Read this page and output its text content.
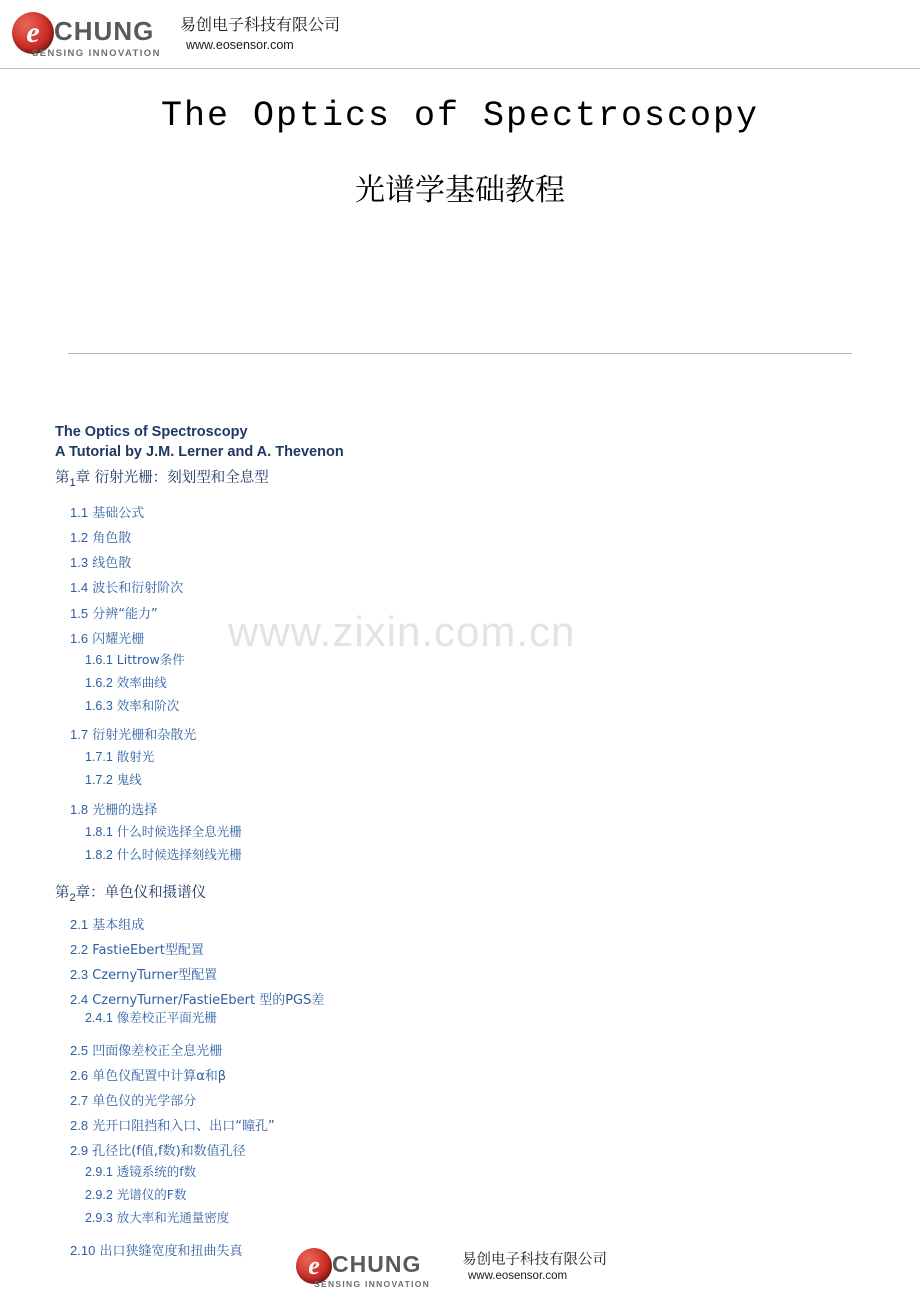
e CHUNG
SENSING INNOVATION
易创电子科技有限公司
www.eosensor.com
The Optics of Spectroscopy
光谱学基础教程
www.zixin.com.cn
The Optics of Spectroscopy
A Tutorial by J.M. Lerner and A. Thevenon
第$_1$章 衍射光栅：刻划型和全息型
1.1 基础公式
1.2 角色散
1.3 线色散
1.4 波长和衍射阶次
1.5 分辨“能力”
1.6 闪耀光栅
1.6.1 Littrow条件
1.6.2 效率曲线
1.6.3 效率和阶次
1.7 衍射光栅和杂散光
1.7.1 散射光
1.7.2 鬼线
1.8 光栅的选择
1.8.1 什么时候选择全息光栅
1.8.2 什么时候选择刻线光栅
第$_2$章：单色仪和摄谱仪
2.1 基本组成
2.2 FastieEbert型配置
2.3 CzernyTurner型配置
2.4 CzernyTurner/FastieEbert 型的PGS差
2.4.1 像差校正平面光栅
2.5 凹面像差校正全息光栅
2.6 单色仪配置中计算α和β
2.7 单色仪的光学部分
2.8 光开口阻挡和入口、出口“瞳孔”
2.9 孔径比(f值,f数)和数值孔径
2.9.1 透镜系统的f数
2.9.2 光谱仪的F数
2.9.3 放大率和光通量密度
2.10 出口狭缝宽度和扭曲失真	e CHUNG
SENSING INNOVATION
易创电子科技有限公司
www.eosensor.com
